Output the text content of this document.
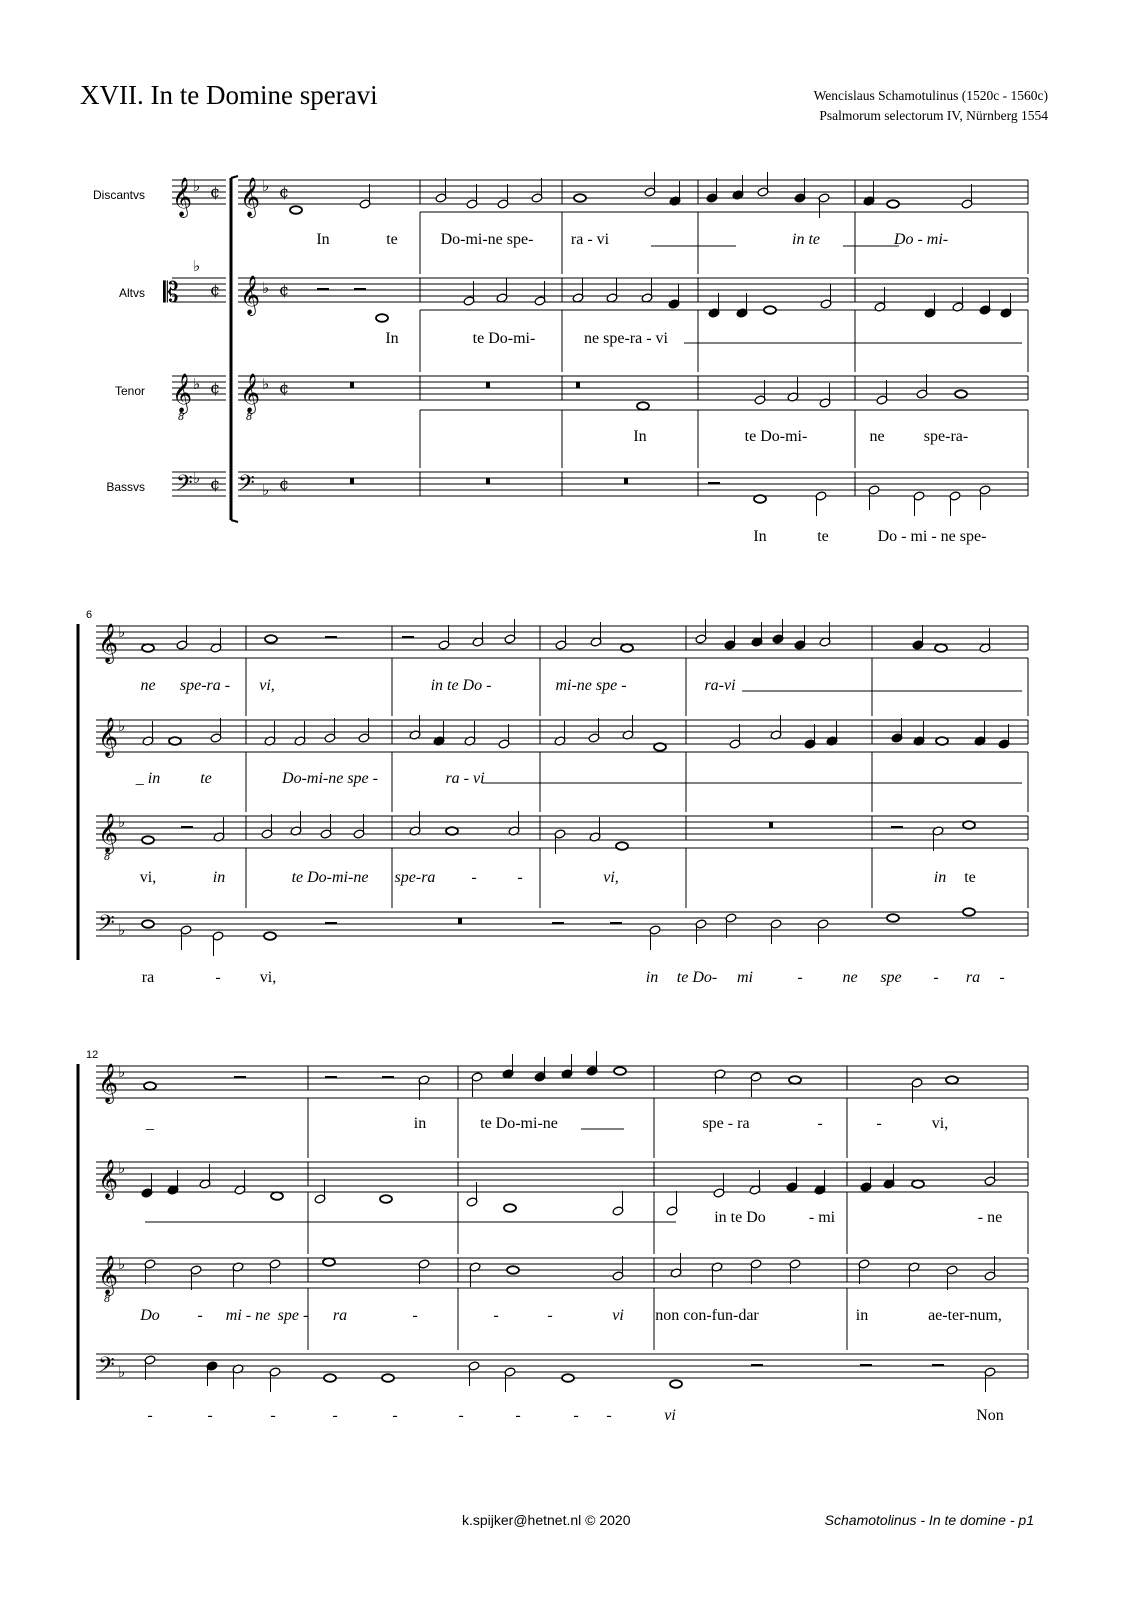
XVII. In te Domine speravi	Wencislaus Schamotulinus (1520c - 1560c)
Psalmorum selectorum IV, Nürnberg 1554
Discantvs
Altvs
Tenor
Bassvs
𝄞 𝄞
𝄡 𝄞
𝄞
8
𝄞
8
𝄢 𝄢
♭	♭
♭
♭
♭	♭
♭
♭
¢	¢
¢	¢
¢	¢
¢	¢
In	te	Do-mi-ne spe- ra - vi	in te	Do - mi-
In	te Do-mi-	ne spe-ra - vi
In	te Do-mi-	ne spe-ra-
In	te	Do - mi - ne spe-
6
𝄞 ♭
𝄞 ♭
𝄞
8
♭
𝄢 ♭
ne spe-ra - vi,	in te Do -	mi-ne spe -	ra-vi
_ in	te	Do-mi-ne spe -	ra - vi
vi,	in	te Do-mi-ne spe-ra -	-	vi,	in te
ra	- vi,	in te Do- mi	- ne spe - ra -
12
𝄞 ♭
𝄞 ♭
𝄞
8
♭
𝄢 ♭
_	in	te Do-mi-ne	spe - ra	-	-	vi,
in te Do	- mi	- ne
Do - mi - ne spe - ra	-	-	-	vi non con-fun-dar	in	ae-ter-num,
-	-	-	-	-	-	-	- -	vi	Non
k.spijker@hetnet.nl © 2020	Schamotolinus - In te domine - p1
